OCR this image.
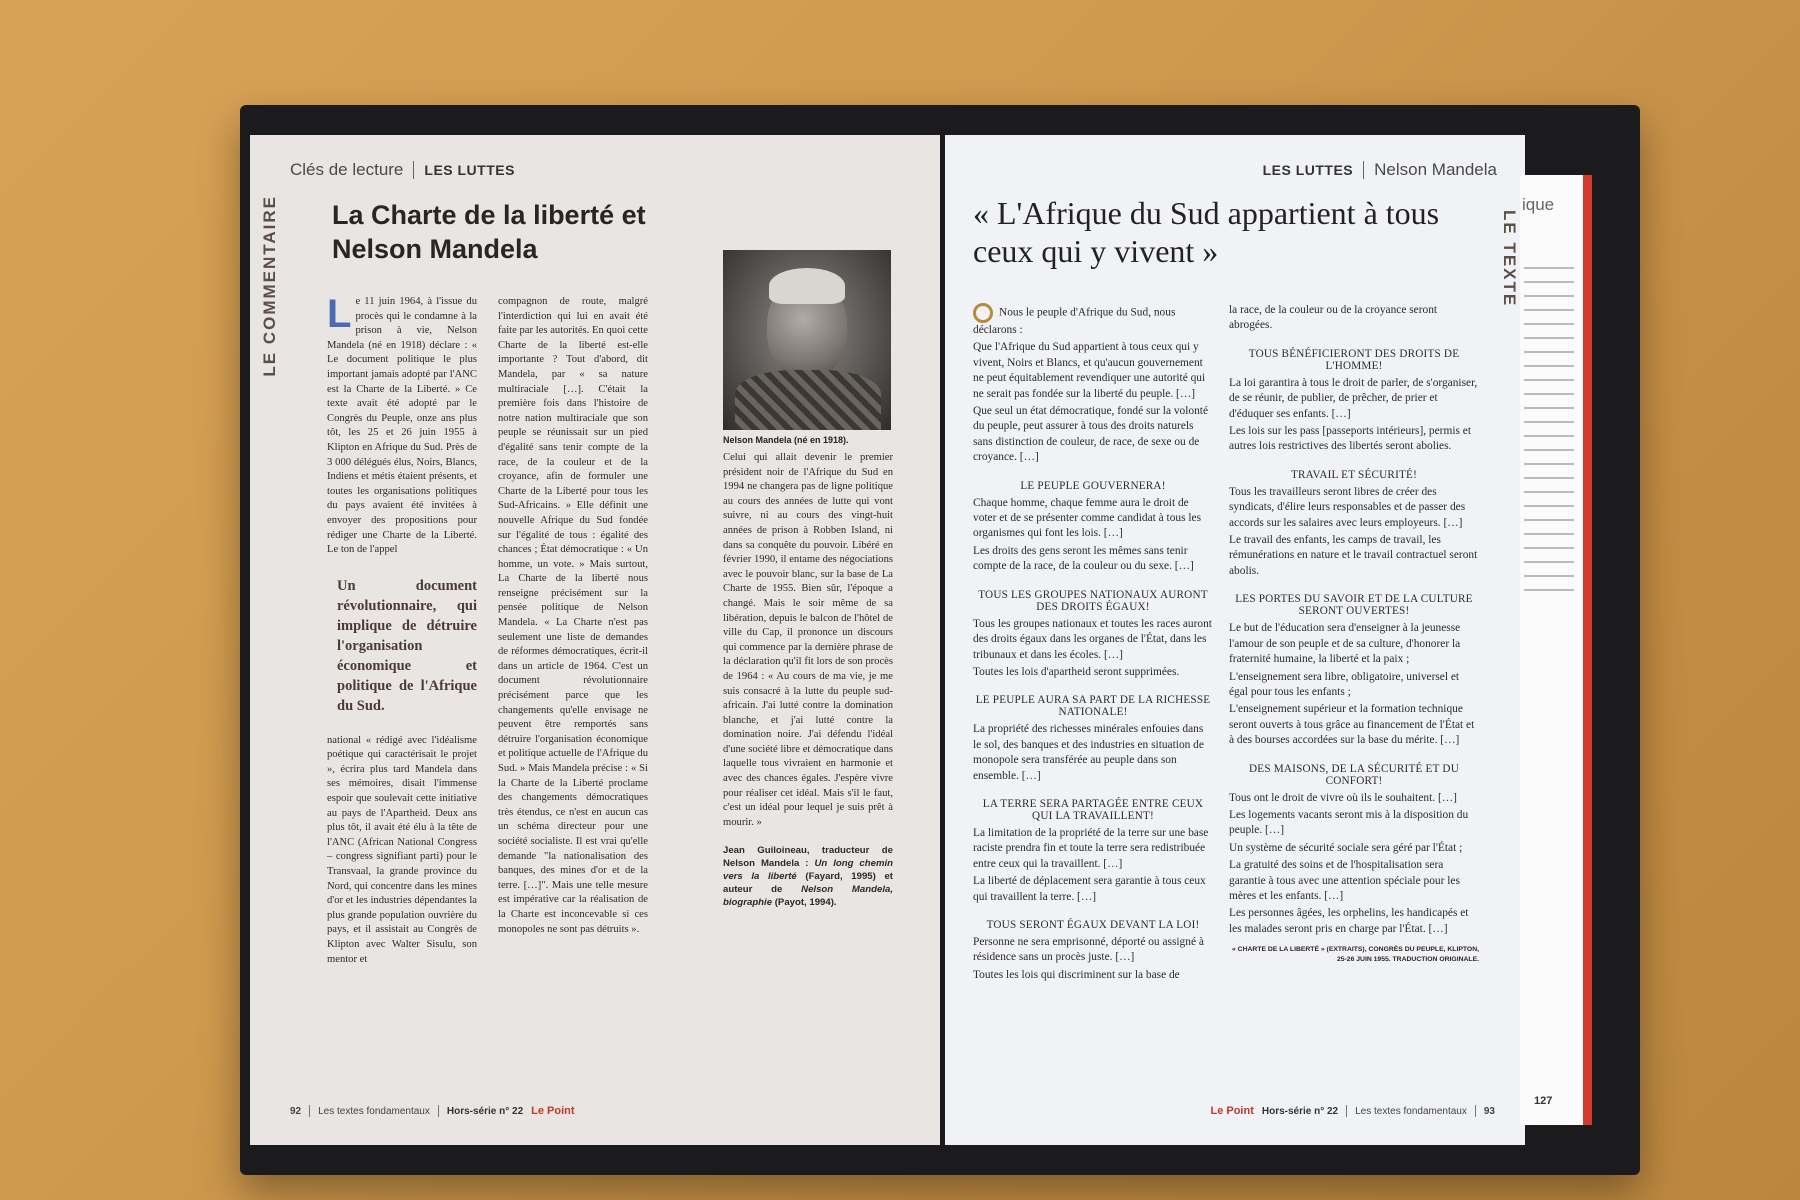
Clés de lecture LES LUTTES
LE COMMENTAIRE La Charte de la liberté et Nelson Mandela
Nelson Mandela (né en 1918).
L e 11 juin 1964, à l'issue du procès qui le condamne à la prison à vie, Nelson Mandela (né en 1918) déclare : « Le document politique le plus important jamais adopté par l'ANC est la Charte de la Liberté. » Ce texte avait été adopté par le Congrès du Peuple, onze ans plus tôt, les 25 et 26 juin 1955 à Klipton en Afrique du Sud. Près de 3 000 délégués élus, Noirs, Blancs, Indiens et métis étaient présents, et toutes les organisations politiques du pays avaient été invitées à envoyer des propositions pour rédiger une Charte de la Liberté. Le ton de l'appel
Un document révolutionnaire, qui implique de détruire l'organisation économique et politique de l'Afrique du Sud.
national « rédigé avec l'idéalisme poétique qui caractérisait le projet », écrira plus tard Mandela dans ses mémoires, disait l'immense espoir que soulevait cette initiative au pays de l'Apartheid. Deux ans plus tôt, il avait été élu à la tête de l'ANC (African National Congress – congress signifiant parti) pour le Transvaal, la grande province du Nord, qui concentre dans les mines d'or et les industries dépendantes la plus grande population ouvrière du pays, et il assistait au Congrès de Klipton avec Walter Sisulu, son mentor et
compagnon de route, malgré l'interdiction qui lui en avait été faite par les autorités. En quoi cette Charte de la liberté est-elle importante ? Tout d'abord, dit Mandela, par « sa nature multiraciale […]. C'était la première fois dans l'histoire de notre nation multiraciale que son peuple se réunissait sur un pied d'égalité sans tenir compte de la race, de la couleur et de la croyance, afin de formuler une Charte de la Liberté pour tous les Sud-Africains. » Elle définit une nouvelle Afrique du Sud fondée sur l'égalité de tous : égalité des chances ; État démocratique : « Un homme, un vote. » Mais surtout, La Charte de la liberté nous renseigne précisément sur la pensée politique de Nelson Mandela. « La Charte n'est pas seulement une liste de demandes de réformes démocratiques, écrit-il dans un article de 1964. C'est un document révolutionnaire précisément parce que les changements qu'elle envisage ne peuvent être remportés sans détruire l'organisation économique et politique actuelle de l'Afrique du Sud. » Mais Mandela précise : « Si la Charte de la Liberté proclame des changements démocratiques très étendus, ce n'est en aucun cas un schéma directeur pour une société socialiste. Il est vrai qu'elle demande "la nationalisation des banques, des mines d'or et de la terre. […]". Mais une telle mesure est impérative car la réalisation de la Charte est inconcevable si ces monopoles ne sont pas détruits ».
Celui qui allait devenir le premier président noir de l'Afrique du Sud en 1994 ne changera pas de ligne politique au cours des années de lutte qui vont suivre, ni au cours des vingt-huit années de prison à Robben Island, ni dans sa conquête du pouvoir. Libéré en février 1990, il entame des négociations avec le pouvoir blanc, sur la base de La Charte de 1955. Bien sûr, l'époque a changé. Mais le soir même de sa libération, depuis le balcon de l'hôtel de ville du Cap, il prononce un discours qui commence par la dernière phrase de la déclaration qu'il fit lors de son procès de 1964 : « Au cours de ma vie, je me suis consacré à la lutte du peuple sud-africain. J'ai lutté contre la domination blanche, et j'ai lutté contre la domination noire. J'ai défendu l'idéal d'une société libre et démocratique dans laquelle tous vivraient en harmonie et avec des chances égales. J'espère vivre pour réaliser cet idéal. Mais s'il le faut, c'est un idéal pour lequel je suis prêt à mourir. »
Jean Guiloineau, traducteur de Nelson Mandela : Un long chemin vers la liberté (Fayard, 1995) et auteur de Nelson Mandela, biographie (Payot, 1994).
92 Les textes fondamentaux Hors-série n° 22 Le Point
LES LUTTES Nelson Mandela
LE TEXTE
« L'Afrique du Sud appartient à tous ceux qui y vivent »

Nous le peuple d'Afrique du Sud, nous déclarons :

Que l'Afrique du Sud appartient à tous ceux qui y vivent, Noirs et Blancs, et qu'aucun gouvernement ne peut équitablement revendiquer une autorité qui ne serait pas fondée sur la liberté du peuple. […]

Que seul un état démocratique, fondé sur la volonté du peuple, peut assurer à tous des droits naturels sans distinction de couleur, de race, de sexe ou de croyance. […]

LE PEUPLE GOUVERNERA!

Chaque homme, chaque femme aura le droit de voter et de se présenter comme candidat à tous les organismes qui font les lois. […]

Les droits des gens seront les mêmes sans tenir compte de la race, de la couleur ou du sexe. […]

TOUS LES GROUPES NATIONAUX AURONT DES DROITS ÉGAUX!

Tous les groupes nationaux et toutes les races auront des droits égaux dans les organes de l'État, dans les tribunaux et dans les écoles. […]

Toutes les lois d'apartheid seront supprimées.

LE PEUPLE AURA SA PART DE LA RICHESSE NATIONALE!

La propriété des richesses minérales enfouies dans le sol, des banques et des industries en situation de monopole sera transférée au peuple dans son ensemble. […]

LA TERRE SERA PARTAGÉE ENTRE CEUX QUI LA TRAVAILLENT!

La limitation de la propriété de la terre sur une base raciste prendra fin et toute la terre sera redistribuée entre ceux qui la travaillent. […]

La liberté de déplacement sera garantie à tous ceux qui travaillent la terre. […]

TOUS SERONT ÉGAUX DEVANT LA LOI!

Personne ne sera emprisonné, déporté ou assigné à résidence sans un procès juste. […]

Toutes les lois qui discriminent sur la base de

la race, de la couleur ou de la croyance seront abrogées.

TOUS BÉNÉFICIERONT DES DROITS DE L'HOMME!

La loi garantira à tous le droit de parler, de s'organiser, de se réunir, de publier, de prêcher, de prier et d'éduquer ses enfants. […]

Les lois sur les pass [passeports intérieurs], permis et autres lois restrictives des libertés seront abolies.

TRAVAIL ET SÉCURITÉ!

Tous les travailleurs seront libres de créer des syndicats, d'élire leurs responsables et de passer des accords sur les salaires avec leurs employeurs. […]

Le travail des enfants, les camps de travail, les rémunérations en nature et le travail contractuel seront abolis.

LES PORTES DU SAVOIR ET DE LA CULTURE SERONT OUVERTES!

Le but de l'éducation sera d'enseigner à la jeunesse l'amour de son peuple et de sa culture, d'honorer la fraternité humaine, la liberté et la paix ;

L'enseignement sera libre, obligatoire, universel et égal pour tous les enfants ;

L'enseignement supérieur et la formation technique seront ouverts à tous grâce au financement de l'État et à des bourses accordées sur la base du mérite. […]

DES MAISONS, DE LA SÉCURITÉ ET DU CONFORT!

Tous ont le droit de vivre où ils le souhaitent. […]

Les logements vacants seront mis à la disposition du peuple. […]

Un système de sécurité sociale sera géré par l'État ;

La gratuité des soins et de l'hospitalisation sera garantie à tous avec une attention spéciale pour les mères et les enfants. […]

Les personnes âgées, les orphelins, les handicapés et les malades seront pris en charge par l'État. […]

« CHARTE DE LA LIBERTÉ » (EXTRAITS), CONGRÈS DU PEUPLE, KLIPTON, 25-26 JUIN 1955. TRADUCTION ORIGINALE.
Le Point Hors-série n° 22 Les textes fondamentaux 93
ique
127
